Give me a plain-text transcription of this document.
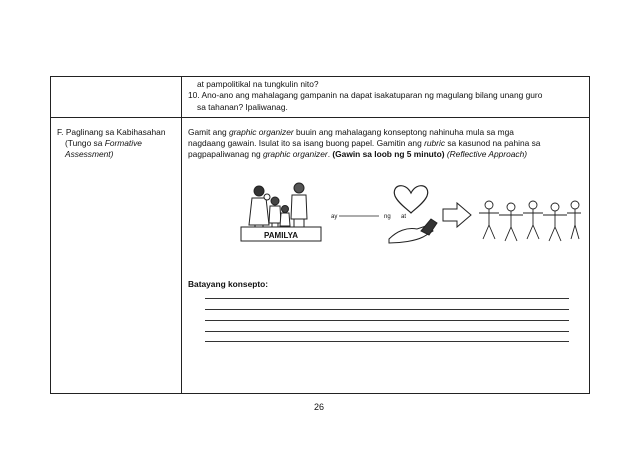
at pampolitikal na tungkulin nito?
10. Ano-ano ang mahalagang gampanin na dapat isakatuparan ng magulang bilang unang guro
sa tahanan? Ipaliwanag.
F. Paglinang sa Kabihasahan
(Tungo sa Formative
Assessment)
Gamit ang graphic organizer buuin ang mahalagang konseptong nahinuha mula sa mga
nagdaang gawain. Isulat ito sa isang buong papel. Gamitin ang rubric sa kasunod na pahina sa
pagpapaliwanag ng graphic organizer. (Gawin sa loob ng 5 minuto) (Reflective Approach)
PAMILYA
ay	ng at
Batayang konsepto:
26
